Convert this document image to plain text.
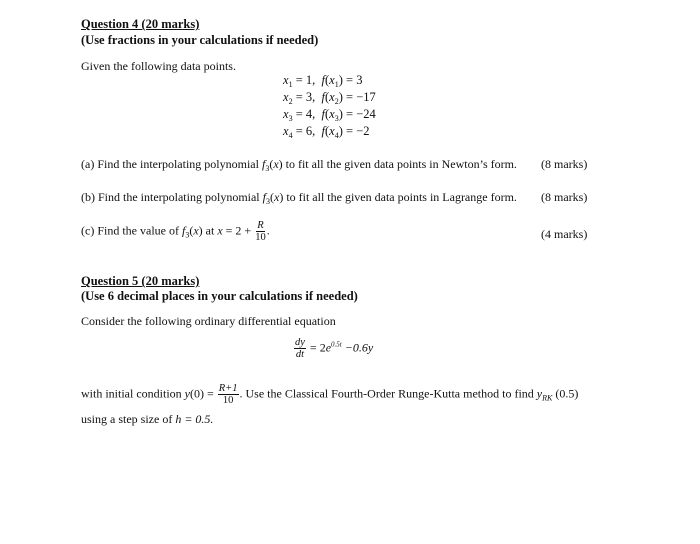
Question 4 (20 marks)
(Use fractions in your calculations if needed)
Given the following data points.
$x_1 = 1$,  $f(x_1) = 3$
$x_2 = 3$,  $f(x_2) = -17$
$x_3 = 4$,  $f(x_3) = -24$
$x_4 = 6$,  $f(x_4) = -2$
(a) Find the interpolating polynomial $f_3(x)$ to fit all the given data points in Newton’s form. (8 marks)
(b) Find the interpolating polynomial $f_3(x)$ to fit all the given data points in Lagrange form. (8 marks)
(c) Find the value of $f_3(x)$ at $x = 2 + \frac{R}{10}$ .	(4 marks)
Question 5 (20 marks)
(Use 6 decimal places in your calculations if needed)
Consider the following ordinary differential equation
$\frac{dy}{dt} = 2e^{0.5t} -0.6y$
with initial condition $y(0) = \frac{R+1}{10}$ . Use the Classical Fourth-Order Runge-Kutta method to find $y_{RK}$ (0.5)
using a step size of h = 0.5.
